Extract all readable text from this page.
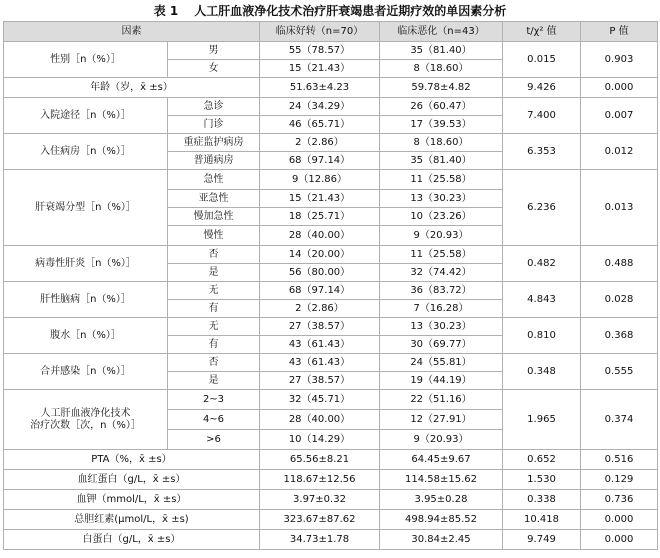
表 1 人工肝血液净化技术治疗肝衰竭患者近期疗效的单因素分析
因素		临床好转（n=70）	临床恶化（n=43）	t/χ² 值	P 值
性别［n（%）］	男	55（78.57）	35（81.40）	0.015	0.903
	女	15（21.43）	8（18.60）		
年龄（岁，x̄ ±s）		51.63±4.23	59.78±4.82	9.426	0.000
入院途径［n（%）］	急诊	24（34.29）	26（60.47）	7.400	0.007
	门诊	46（65.71）	17（39.53）		
入住病房［n（%）］	重症监护病房	2（2.86）	8（18.60）	6.353	0.012
	普通病房	68（97.14）	35（81.40）		
肝衰竭分型［n（%）］	急性	9（12.86）	11（25.58）	6.236	0.013
	亚急性	15（21.43）	13（30.23）		
	慢加急性	18（25.71）	10（23.26）		
	慢性	28（40.00）	9（20.93）		
病毒性肝炎［n（%）］	否	14（20.00）	11（25.58）	0.482	0.488
	是	56（80.00）	32（74.42）		
肝性脑病［n（%）］	无	68（97.14）	36（83.72）	4.843	0.028
	有	2（2.86）	7（16.28）		
腹水［n（%）］	无	27（38.57）	13（30.23）	0.810	0.368
	有	43（61.43）	30（69.77）		
合并感染［n（%）］	否	43（61.43）	24（55.81）	0.348	0.555
	是	27（38.57）	19（44.19）		
人工肝血液净化技术
治疗次数［次，n（%）］	2~3	32（45.71）	22（51.16）	1.965	0.374
	4~6	28（40.00）	12（27.91）		
	>6	10（14.29）	9（20.93）		
PTA（%，x̄ ±s）		65.56±8.21	64.45±9.67	0.652	0.516
血红蛋白（g/L，x̄ ±s）		118.67±12.56	114.58±15.62	1.530	0.129
血钾（mmol/L，x̄ ±s）		3.97±0.32	3.95±0.28	0.338	0.736
总胆红素(μmol/L，x̄ ±s)		323.67±87.62	498.94±85.52	10.418	0.000
白蛋白（g/L，x̄ ±s）		34.73±1.78	30.84±2.45	9.749	0.000
